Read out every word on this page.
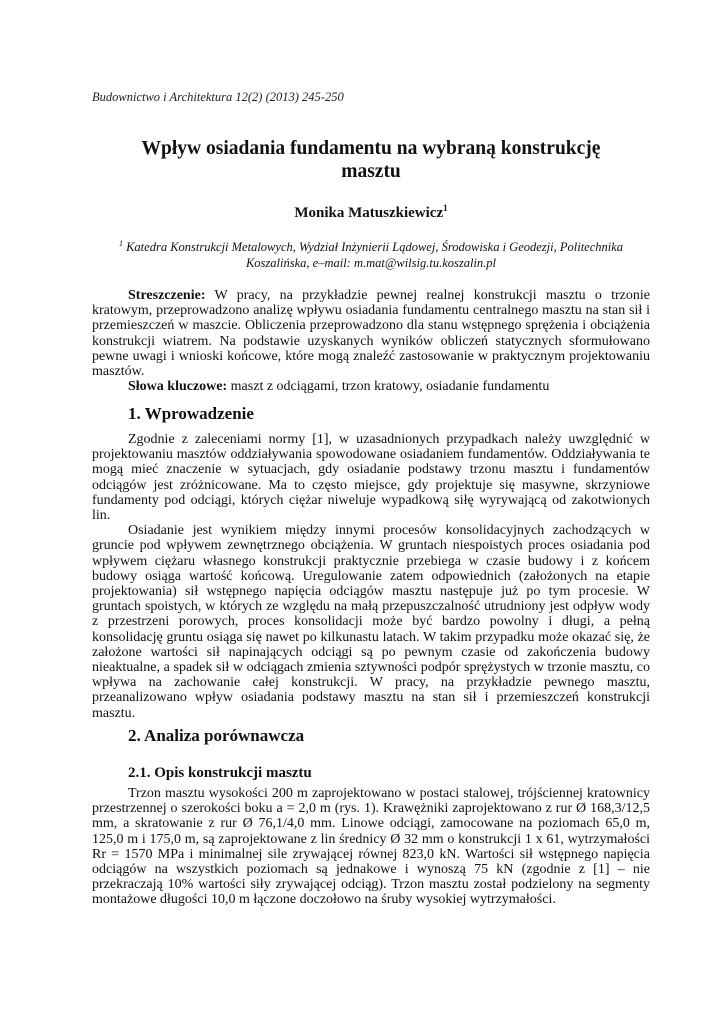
Budownictwo i Architektura 12(2) (2013) 245-250
Wpływ osiadania fundamentu na wybraną konstrukcję
masztu
Monika Matuszkiewicz$^1$
$^1$ Katedra Konstrukcji Metalowych, Wydział Inżynierii Lądowej, Środowiska i Geodezji, Politechnika Koszalińska, e–mail: m.mat@wilsig.tu.koszalin.pl

Streszczenie: W pracy, na przykładzie pewnej realnej konstrukcji masztu o trzonie kratowym, przeprowadzono analizę wpływu osiadania fundamentu centralnego masztu na stan sił i przemieszczeń w maszcie. Obliczenia przeprowadzono dla stanu wstępnego sprężenia i obciążenia konstrukcji wiatrem. Na podstawie uzyskanych wyników obliczeń statycznych sformułowano pewne uwagi i wnioski końcowe, które mogą znaleźć zastosowanie w praktycznym projektowaniu masztów.

Słowa kluczowe: maszt z odciągami, trzon kratowy, osiadanie fundamentu

1. Wprowadzenie

Zgodnie z zaleceniami normy [1], w uzasadnionych przypadkach należy uwzględnić w projektowaniu masztów oddziaływania spowodowane osiadaniem fundamentów. Oddziaływania te mogą mieć znaczenie w sytuacjach, gdy osiadanie podstawy trzonu masztu i fundamentów odciągów jest zróżnicowane. Ma to często miejsce, gdy projektuje się masywne, skrzyniowe fundamenty pod odciągi, których ciężar niweluje wypadkową siłę wyrywającą od zakotwionych lin.

Osiadanie jest wynikiem między innymi procesów konsolidacyjnych zachodzących w gruncie pod wpływem zewnętrznego obciążenia. W gruntach niespoistych proces osiadania pod wpływem ciężaru własnego konstrukcji praktycznie przebiega w czasie budowy i z końcem budowy osiąga wartość końcową. Uregulowanie zatem odpowiednich (założonych na etapie projektowania) sił wstępnego napięcia odciągów masztu następuje już po tym procesie. W gruntach spoistych, w których ze względu na małą przepuszczalność utrudniony jest odpływ wody z przestrzeni porowych, proces konsolidacji może być bardzo powolny i długi, a pełną konsolidację gruntu osiąga się nawet po kilkunastu latach. W takim przypadku może okazać się, że założone wartości sił napinających odciągi są po pewnym czasie od zakończenia budowy nieaktualne, a spadek sił w odciągach zmienia sztywności podpór sprężystych w trzonie masztu, co wpływa na zachowanie całej konstrukcji. W pracy, na przykładzie pewnego masztu, przeanalizowano wpływ osiadania podstawy masztu na stan sił i przemieszczeń konstrukcji masztu.

2. Analiza porównawcza
2.1. Opis konstrukcji masztu

Trzon masztu wysokości 200 m zaprojektowano w postaci stalowej, trójściennej kratownicy przestrzennej o szerokości boku a = 2,0 m (rys. 1). Krawężniki zaprojektowano z rur Ø 168,3/12,5 mm, a skratowanie z rur Ø 76,1/4,0 mm. Linowe odciągi, zamocowane na poziomach 65,0 m, 125,0 m i 175,0 m, są zaprojektowane z lin średnicy Ø 32 mm o konstrukcji 1 x 61, wytrzymałości Rr = 1570 MPa i minimalnej sile zrywającej równej 823,0 kN. Wartości sił wstępnego napięcia odciągów na wszystkich poziomach są jednakowe i wynoszą 75 kN (zgodnie z [1] – nie przekraczają 10% wartości siły zrywającej odciąg). Trzon masztu został podzielony na segmenty montażowe długości 10,0 m łączone doczołowo na śruby wysokiej wytrzymałości.
